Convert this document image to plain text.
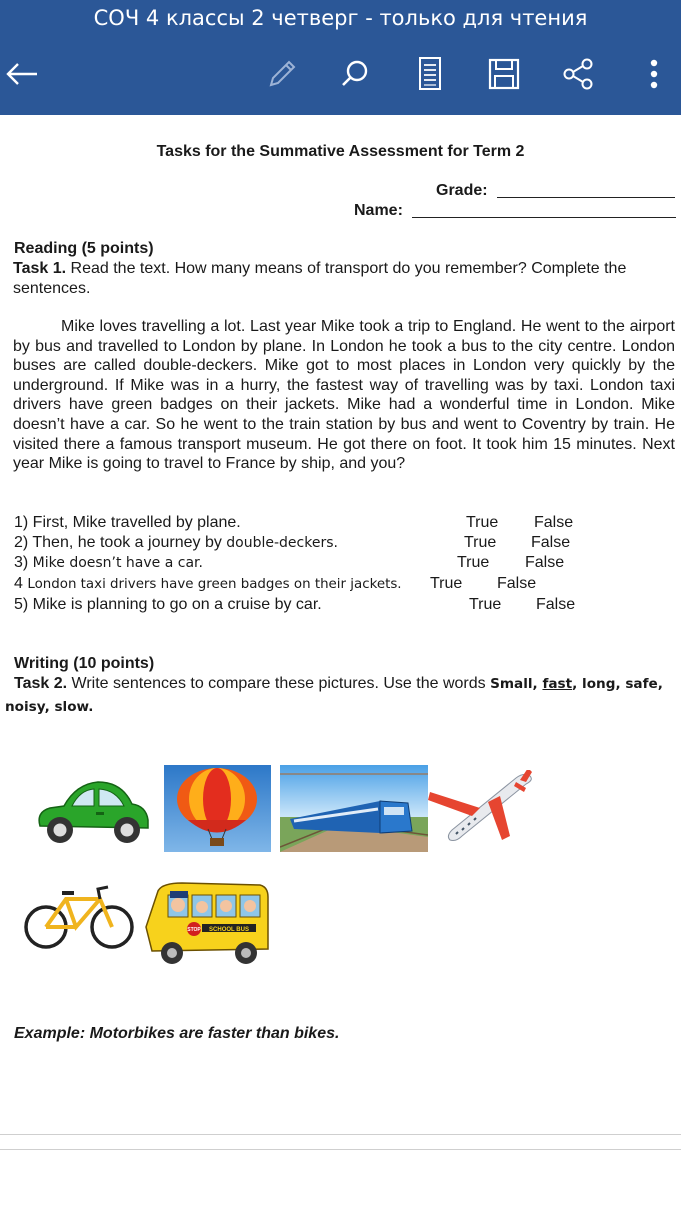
СОЧ 4 классы 2 четверг - только для чтения
Tasks for the Summative Assessment for Term 2
Grade:
Name:
Reading (5 points)
Task 1. Read the text. How many means of transport do you remember? Complete the sentences.
Mike loves travelling a lot. Last year Mike took a trip to England. He went to the airport by bus and travelled to London by plane. In London he took a bus to the city centre. London buses are called double-deckers. Mike got to most places in London very quickly by the underground. If Mike was in a hurry, the fastest way of travelling was by taxi. London taxi drivers have green badges on their jackets. Mike had a wonderful time in London. Mike doesn’t have a car. So he went to the train station by bus and went to Coventry by train. He visited there a famous transport museum. He got there on foot. It took him 15 minutes. Next year Mike is going to travel to France by ship, and you?
1) First, Mike travelled by plane.	True False
2) Then, he took a journey by double-deckers.	True False
3) Mike doesn’t have a car.	True False
4 London taxi drivers have green badges on their jackets. True False
5) Mike is planning to go on a cruise by car.	True False
Writing (10 points)
Task 2. Write sentences to compare these pictures. Use the words Small, fast, long, safe,
noisy, slow.
SCHOOL BUS
STOP
Example: Motorbikes are faster than bikes.
